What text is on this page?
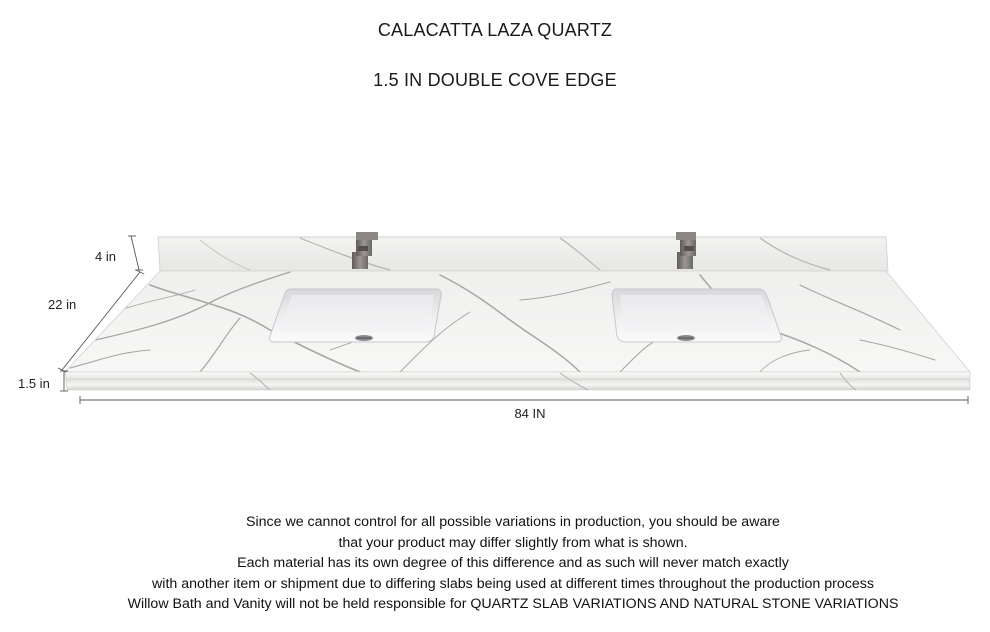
CALACATTA LAZA QUARTZ
1.5 IN DOUBLE COVE EDGE
4 in
22 in
1.5 in
84 IN
Since we cannot control for all possible variations in production, you should be aware
that your product may differ slightly from what is shown.
Each material has its own degree of this difference and as such will never match exactly
with another item or shipment due to differing slabs being used at different times throughout the production process
Willow Bath and Vanity will not be held responsible for QUARTZ SLAB VARIATIONS AND NATURAL STONE VARIATIONS
